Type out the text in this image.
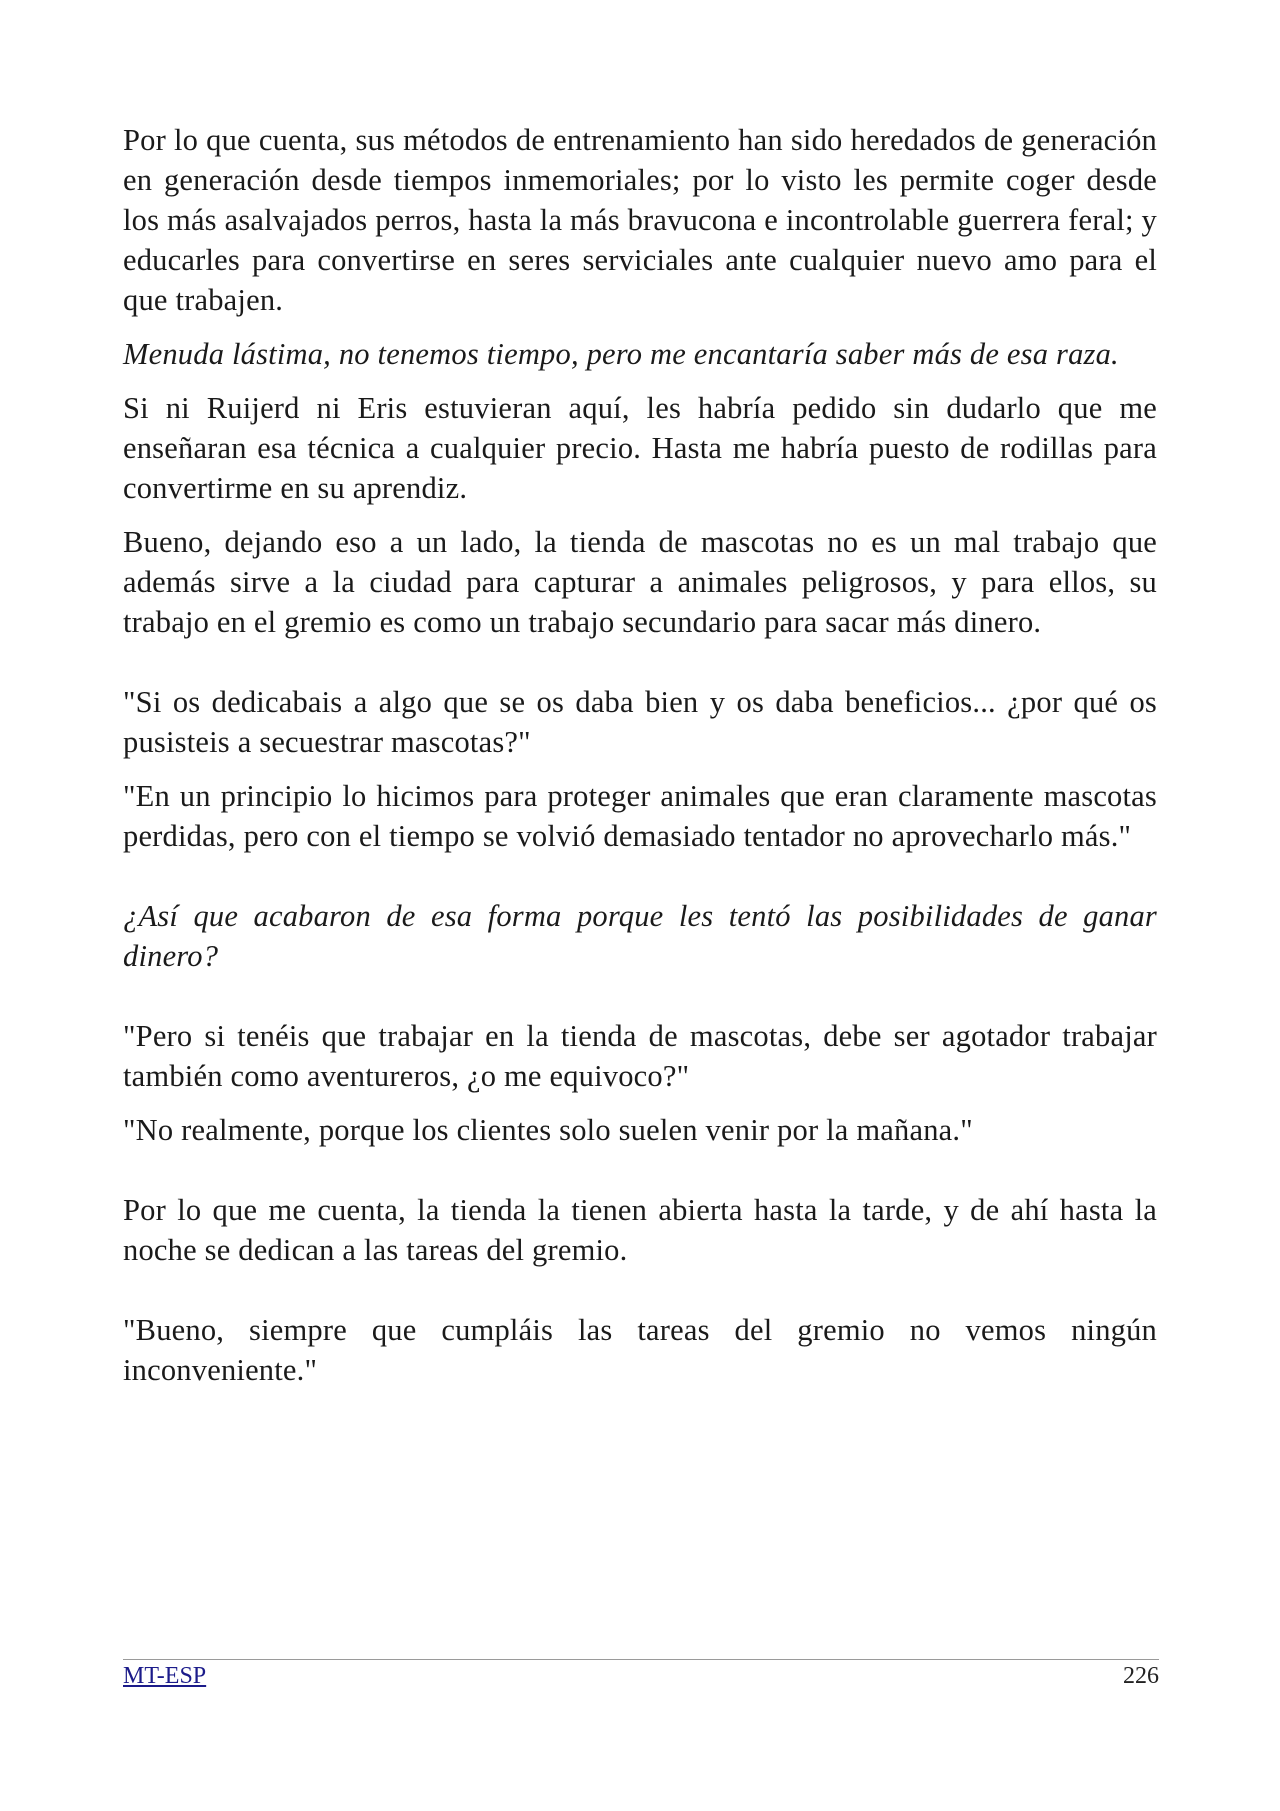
Por lo que cuenta, sus métodos de entrenamiento han sido heredados de generación en generación desde tiempos inmemoriales; por lo visto les permite coger desde los más asalvajados perros, hasta la más bravucona e incontrolable guerrera feral; y educarles para convertirse en seres serviciales ante cualquier nuevo amo para el que trabajen.

Menuda lástima, no tenemos tiempo, pero me encantaría saber más de esa raza.

Si ni Ruijerd ni Eris estuvieran aquí, les habría pedido sin dudarlo que me enseñaran esa técnica a cualquier precio. Hasta me habría puesto de rodillas para convertirme en su aprendiz.

Bueno, dejando eso a un lado, la tienda de mascotas no es un mal trabajo que además sirve a la ciudad para capturar a animales peligrosos, y para ellos, su trabajo en el gremio es como un trabajo secundario para sacar más dinero.

"Si os dedicabais a algo que se os daba bien y os daba beneficios... ¿por qué os pusisteis a secuestrar mascotas?"

"En un principio lo hicimos para proteger animales que eran claramente mascotas perdidas, pero con el tiempo se volvió demasiado tentador no aprovecharlo más."

¿Así que acabaron de esa forma porque les tentó las posibilidades de ganar dinero?

"Pero si tenéis que trabajar en la tienda de mascotas, debe ser agotador trabajar también como aventureros, ¿o me equivoco?"

"No realmente, porque los clientes solo suelen venir por la mañana."

Por lo que me cuenta, la tienda la tienen abierta hasta la tarde, y de ahí hasta la noche se dedican a las tareas del gremio.

"Bueno, siempre que cumpláis las tareas del gremio no vemos ningún inconveniente."

MT-ESP	226
